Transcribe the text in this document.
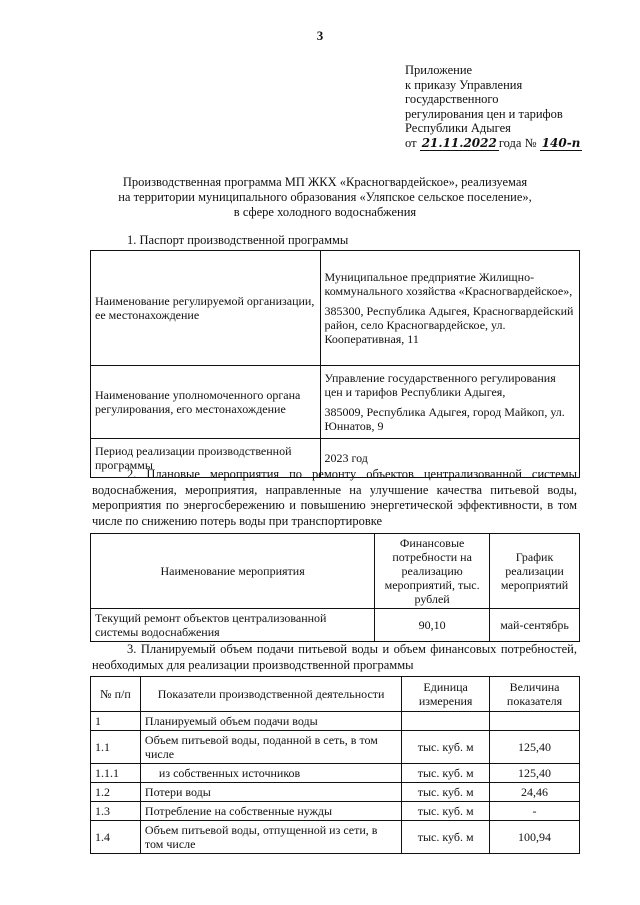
3
Приложение
к приказу Управления
государственного
регулирования цен и тарифов
Республики Адыгея
от 21.11.2022 года № 140-п
Производственная программа МП ЖКХ «Красногвардейское», реализуемая
на территории муниципального образования «Уляпское сельское поселение»,
в сфере холодного водоснабжения
1. Паспорт производственной программы
Наименование регулируемой организации, ее местонахождение	Муниципальное предприятие Жилищно-коммунального хозяйства «Красногвардейское»,
385300, Республика Адыгея, Красногвардейский район, село Красногвардейское, ул. Кооперативная, 11

Наименование уполномоченного органа регулирования, его местонахождение	Управление государственного регулирования цен и тарифов Республики Адыгея,
385009, Республика Адыгея, город Майкоп, ул. Юннатов, 9

Период реализации производственной программы	2023 год
2. Плановые мероприятия по ремонту объектов централизованной системы водоснабжения, мероприятия, направленные на улучшение качества питьевой воды, мероприятия по энергосбережению и повышению энергетической эффективности, в том числе по снижению потерь воды при транспортировке
Наименование мероприятия	Финансовые потребности на реализацию мероприятий, тыс. рублей	График реализации мероприятий
Текущий ремонт объектов централизованной системы водоснабжения	90,10	май-сентябрь
3. Планируемый объем подачи питьевой воды и объем финансовых потребностей, необходимых для реализации производственной программы
№ п/п	Показатели производственной деятельности	Единица измерения	Величина показателя
1	Планируемый объем подачи воды		
1.1	Объем питьевой воды, поданной в сеть, в том числе	тыс. куб. м	125,40
1.1.1	из собственных источников	тыс. куб. м	125,40
1.2	Потери воды	тыс. куб. м	24,46
1.3	Потребление на собственные нужды	тыс. куб. м	-
1.4	Объем питьевой воды, отпущенной из сети, в том числе	тыс. куб. м	100,94
